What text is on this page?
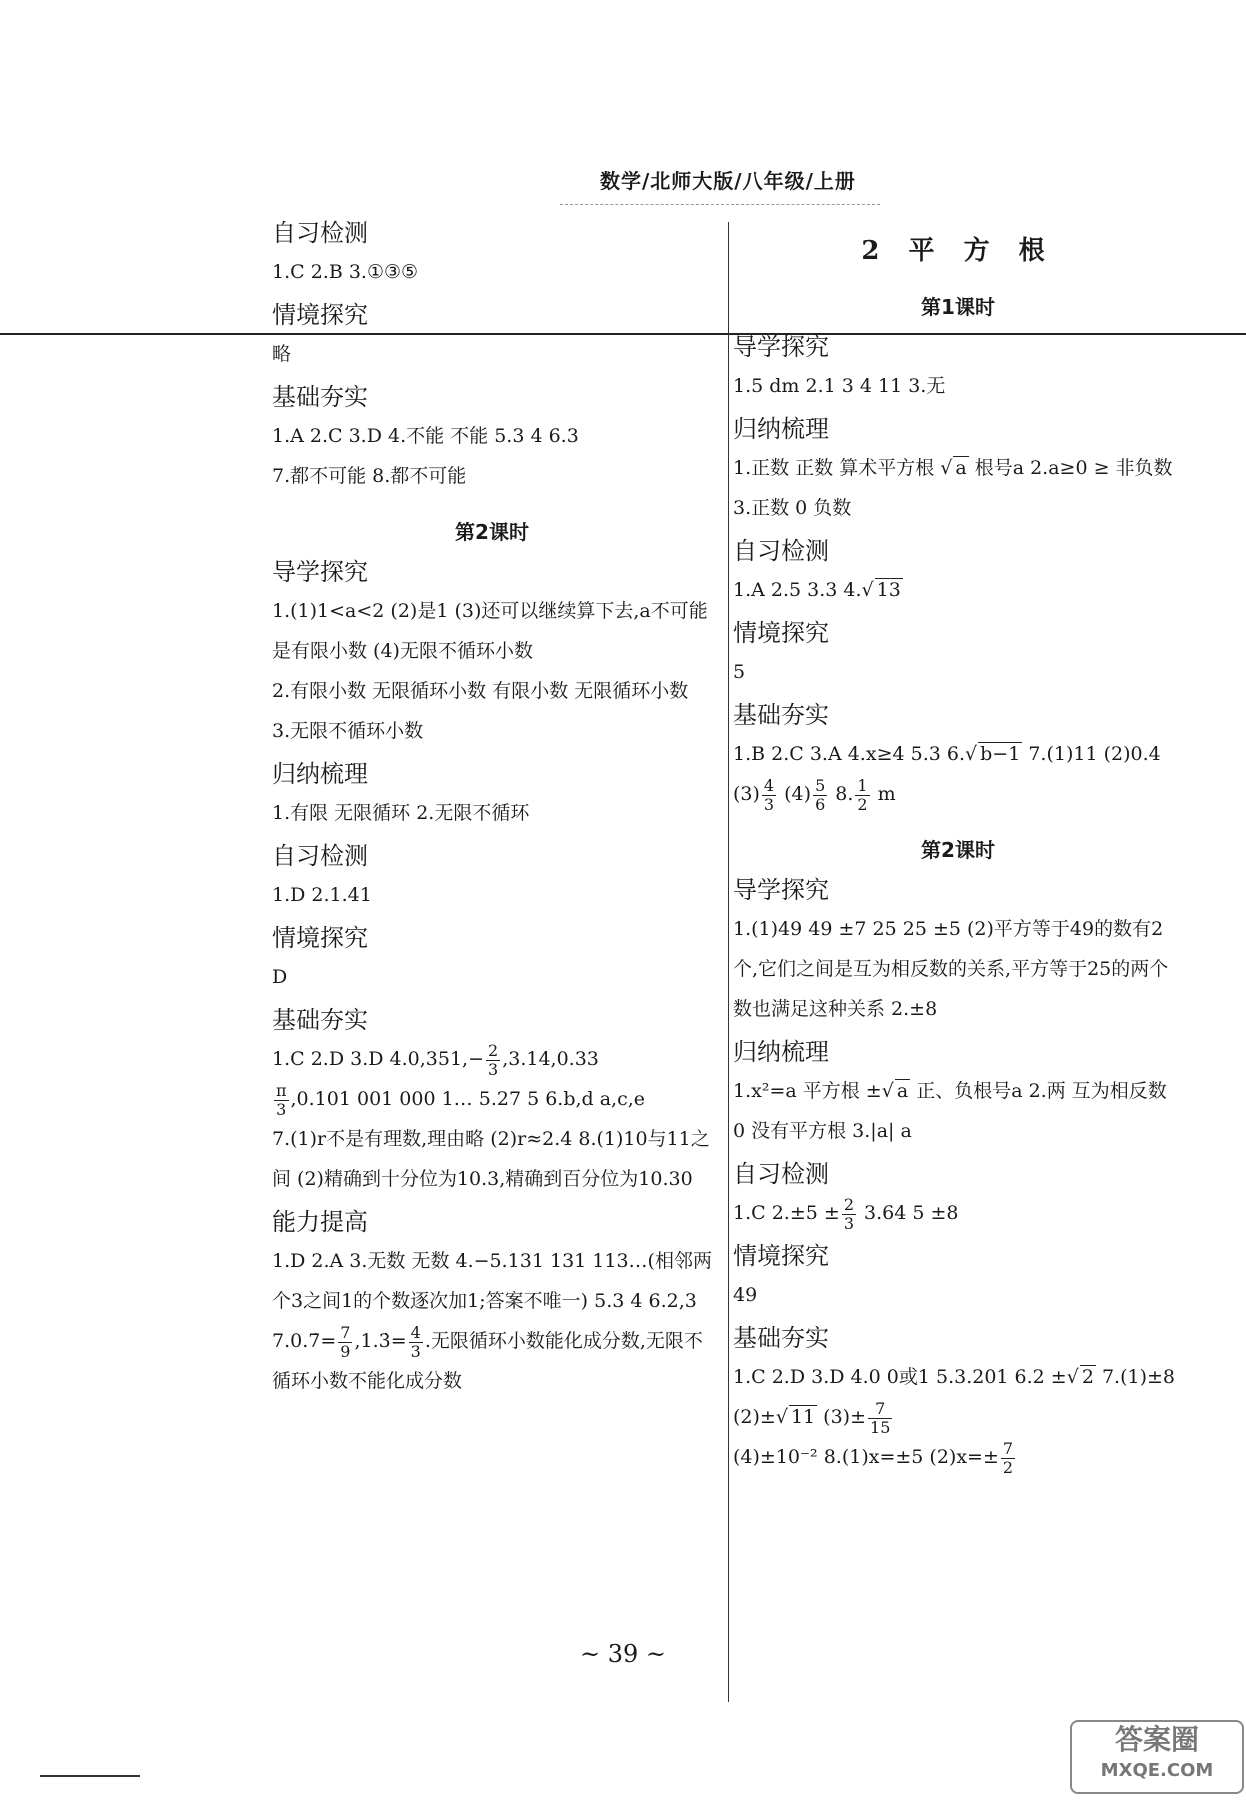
数学/北师大版/八年级/上册
自习检测
1.C 2.B 3.①③⑤
情境探究
略
基础夯实
1.A 2.C 3.D 4.不能 不能 5.3 4 6.3
7.都不可能 8.都不可能
第2课时
导学探究
1.(1)1<a<2 (2)是1 (3)还可以继续算下去,a不可能是有限小数 (4)无限不循环小数
2.有限小数 无限循环小数 有限小数 无限循环小数 3.无限不循环小数
归纳梳理
1.有限 无限循环 2.无限不循环
自习检测
1.D 2.1.41
情境探究
D
基础夯实
1.C 2.D 3.D $4.0,351,- \frac{2}{3} ,3.14,0.33$
$\frac{\pi}{3} ,0.101$ 001 000 1… 5.27 5 6.b,d a,c,e
7.(1)r不是有理数,理由略 (2)r≈2.4 8.(1)10与11之间 (2)精确到十分位为10.3,精确到百分位为10.30
能力提高
1.D 2.A 3.无数 无数 4.−5.131 131 113…(相邻两个3之间1的个数逐次加1;答案不唯一) 5.3 4 6.2,3 7.0.7̇= $\frac{7}{9}$ ,1.3̇= $\frac{4}{3}$ .无限循环小数能化成分数,无限不循环小数不能化成分数
2 平 方 根
第1课时
导学探究
1.5 dm 2.1 3 4 11 3.无
归纳梳理
1.正数 正数 算术平方根 √ a 根号a 2.a≥0 ≥ 非负数 3.正数 0 负数
自习检测
1.A 2.5 3.3 4.√ 13
情境探究
5
基础夯实
1.B 2.C 3.A 4.x≥4 5.3 6.√ b−1 7.(1)11 (2)0.4 $(3) \frac{4}{3} (4) \frac{5}{6} 8$. $\frac{1}{2}$ m
第2课时
导学探究
1.(1)49 49 ±7 25 25 ±5 (2)平方等于49的数有2个,它们之间是互为相反数的关系,平方等于25的两个数也满足这种关系 2.±8
归纳梳理
1.x²=a 平方根 ±√ a 正、负根号a 2.两 互为相反数 0 没有平方根 3.|a| a
自习检测
1.C $2.\pm 5 \pm \frac{2}{3} 3.64$ 5 ±8
情境探究
49
基础夯实
1.C 2.D 3.D 4.0 0或1 5.3.201 6.2 ±√ 2 7.(1)±8 (2)±√ 11 $(3)\pm \frac{7}{15}$
(4)±10⁻² 8.(1)x=±5 $(2)x=\pm \frac{7}{2}$
~ 39 ~
答案圈
MXQE.COM
